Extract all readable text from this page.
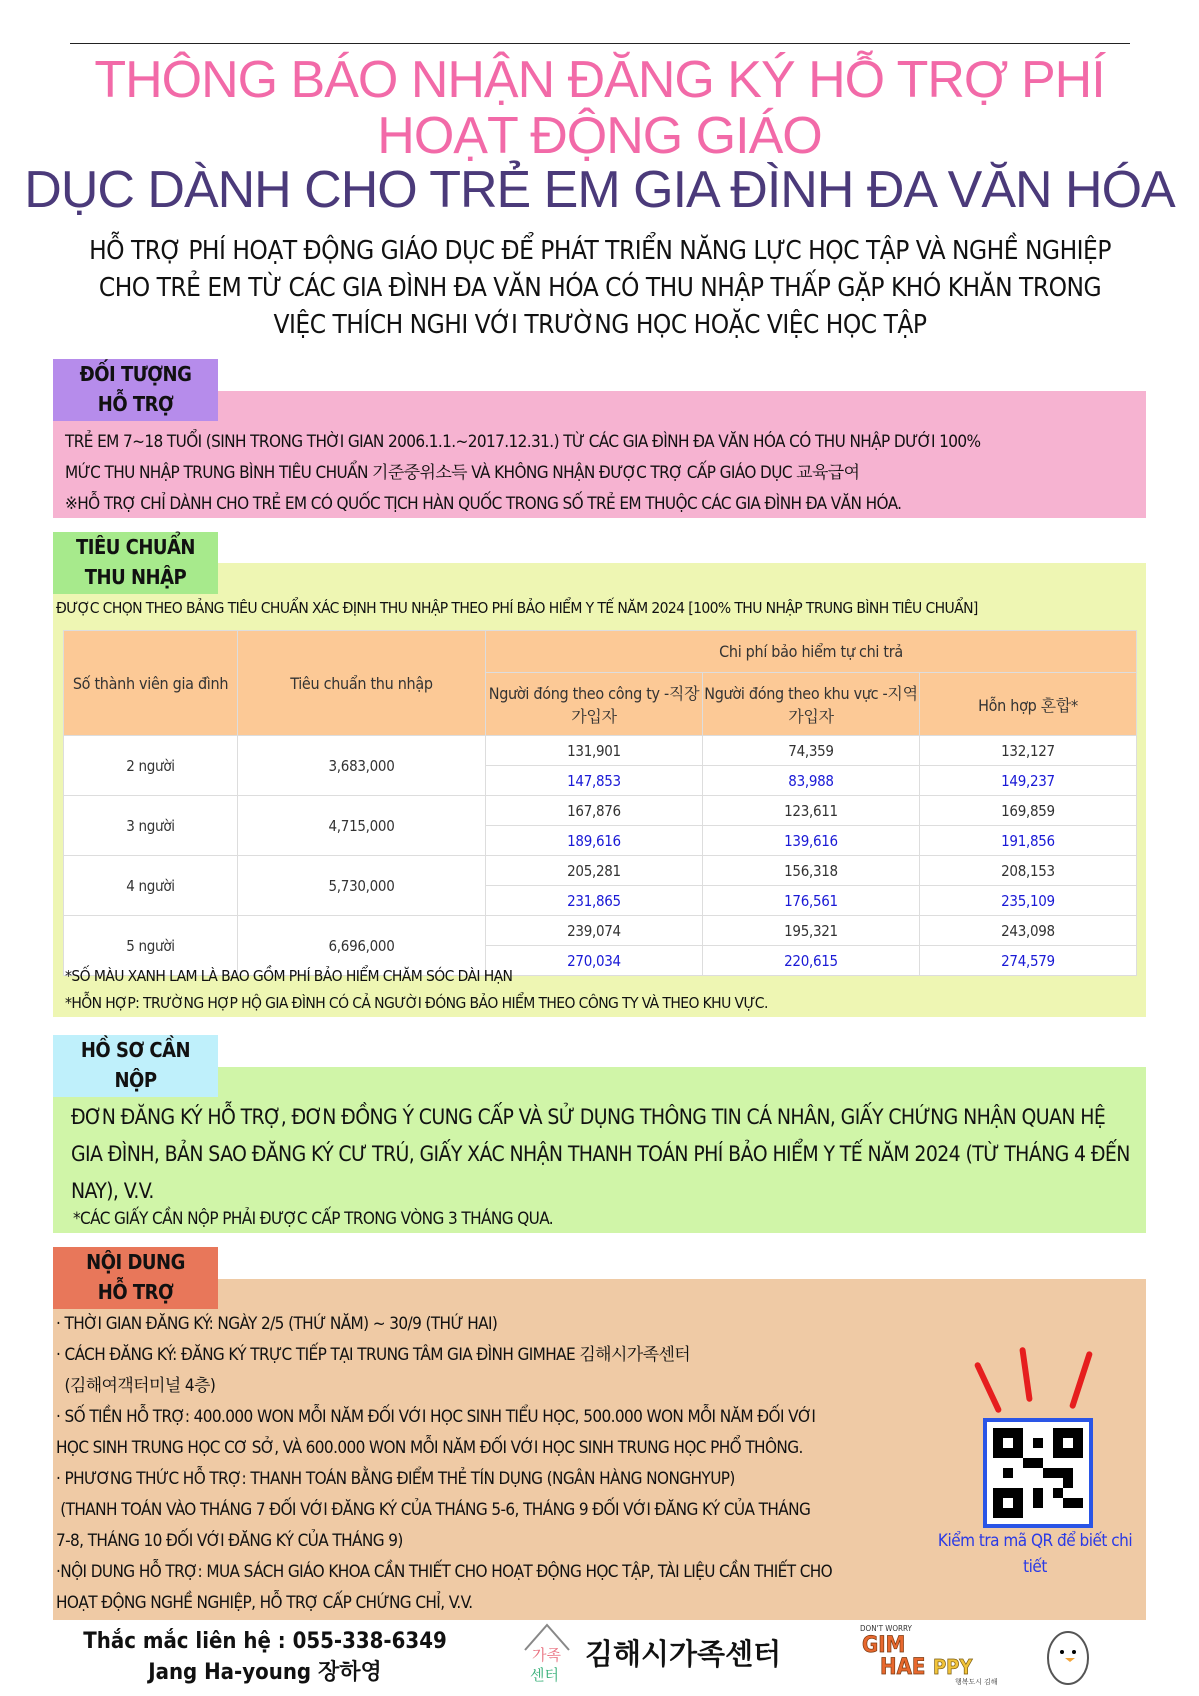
THÔNG BÁO NHẬN ĐĂNG KÝ HỖ TRỢ PHÍ
HOẠT ĐỘNG GIÁO
DỤC DÀNH CHO TRẺ EM GIA ĐÌNH ĐA VĂN HÓA
HỖ TRỢ PHÍ HOẠT ĐỘNG GIÁO DỤC ĐỂ PHÁT TRIỂN NĂNG LỰC HỌC TẬP VÀ NGHỀ NGHIỆP CHO TRẺ EM TỪ CÁC GIA ĐÌNH ĐA VĂN HÓA CÓ THU NHẬP THẤP GẶP KHÓ KHĂN TRONG VIỆC THÍCH NGHI VỚI TRƯỜNG HỌC HOẶC VIỆC HỌC TẬP
ĐỐI TƯỢNG
HỖ TRỢ
TRẺ EM 7~18 TUỔI (SINH TRONG THỜI GIAN 2006.1.1.~2017.12.31.) TỪ CÁC GIA ĐÌNH ĐA VĂN HÓA CÓ THU NHẬP DƯỚI 100%
MỨC THU NHẬP TRUNG BÌNH TIÊU CHUẨN 기준중위소득 VÀ KHÔNG NHẬN ĐƯỢC TRỢ CẤP GIÁO DỤC 교육급여
※HỖ TRỢ CHỈ DÀNH CHO TRẺ EM CÓ QUỐC TỊCH HÀN QUỐC TRONG SỐ TRẺ EM THUỘC CÁC GIA ĐÌNH ĐA VĂN HÓA.
TIÊU CHUẨN
THU NHẬP
ĐƯỢC CHỌN THEO BẢNG TIÊU CHUẨN XÁC ĐỊNH THU NHẬP THEO PHÍ BẢO HIỂM Y TẾ NĂM 2024 [100% THU NHẬP TRUNG BÌNH TIÊU CHUẨN]
Số thành viên gia đình	Tiêu chuẩn thu nhập	Chi phí bảo hiểm tự chi trả		
		Người đóng theo công ty -직장가입자	Người đóng theo khu vực -지역가입자	Hỗn hợp 혼합*
2 người	3,683,000	131,901	74,359	132,127
		147,853	83,988	149,237
3 người	4,715,000	167,876	123,611	169,859
		189,616	139,616	191,856
4 người	5,730,000	205,281	156,318	208,153
		231,865	176,561	235,109
5 người	6,696,000	239,074	195,321	243,098
		270,034	220,615	274,579
*SỐ MÀU XANH LAM LÀ BAO GỒM PHÍ BẢO HIỂM CHĂM SÓC DÀI HẠN
*HỖN HỢP: TRƯỜNG HỢP HỘ GIA ĐÌNH CÓ CẢ NGƯỜI ĐÓNG BẢO HIỂM THEO CÔNG TY VÀ THEO KHU VỰC.
HỒ SƠ CẦN
NỘP
ĐƠN ĐĂNG KÝ HỖ TRỢ, ĐƠN ĐỒNG Ý CUNG CẤP VÀ SỬ DỤNG THÔNG TIN CÁ NHÂN, GIẤY CHỨNG NHẬN QUAN HỆ GIA ĐÌNH, BẢN SAO ĐĂNG KÝ CƯ TRÚ, GIẤY XÁC NHẬN THANH TOÁN PHÍ BẢO HIỂM Y TẾ NĂM 2024 (TỪ THÁNG 4 ĐẾN NAY), V.V.
*CÁC GIẤY CẦN NỘP PHẢI ĐƯỢC CẤP TRONG VÒNG 3 THÁNG QUA.
NỘI DUNG
HỖ TRỢ
· THỜI GIAN ĐĂNG KÝ: NGÀY 2/5 (THỨ NĂM) ~ 30/9 (THỨ HAI)
· CÁCH ĐĂNG KÝ: ĐĂNG KÝ TRỰC TIẾP TẠI TRUNG TÂM GIA ĐÌNH GIMHAE 김해시가족센터
(김해여객터미널 4층)
· SỐ TIỀN HỖ TRỢ: 400.000 WON MỖI NĂM ĐỐI VỚI HỌC SINH TIỂU HỌC, 500.000 WON MỖI NĂM ĐỐI VỚI
HỌC SINH TRUNG HỌC CƠ SỞ, VÀ 600.000 WON MỖI NĂM ĐỐI VỚI HỌC SINH TRUNG HỌC PHỔ THÔNG.
· PHƯƠNG THỨC HỖ TRỢ: THANH TOÁN BẰNG ĐIỂM THẺ TÍN DỤNG (NGÂN HÀNG NONGHYUP)
(THANH TOÁN VÀO THÁNG 7 ĐỐI VỚI ĐĂNG KÝ CỦA THÁNG 5-6, THÁNG 9 ĐỐI VỚI ĐĂNG KÝ CỦA THÁNG
7-8, THÁNG 10 ĐỐI VỚI ĐĂNG KÝ CỦA THÁNG 9)
·NỘI DUNG HỖ TRỢ: MUA SÁCH GIÁO KHOA CẦN THIẾT CHO HOẠT ĐỘNG HỌC TẬP, TÀI LIỆU CẦN THIẾT CHO
HOẠT ĐỘNG NGHỀ NGHIỆP, HỖ TRỢ CẤP CHỨNG CHỈ, V.V.
Kiểm tra mã QR để biết chi tiết
Thắc mắc liên hệ : 055-338-6349
Jang Ha-young 장하영
가족
센터
김해시가족센터
DON'T WORRY
GIM
HAE PPY
행복도시 김해
